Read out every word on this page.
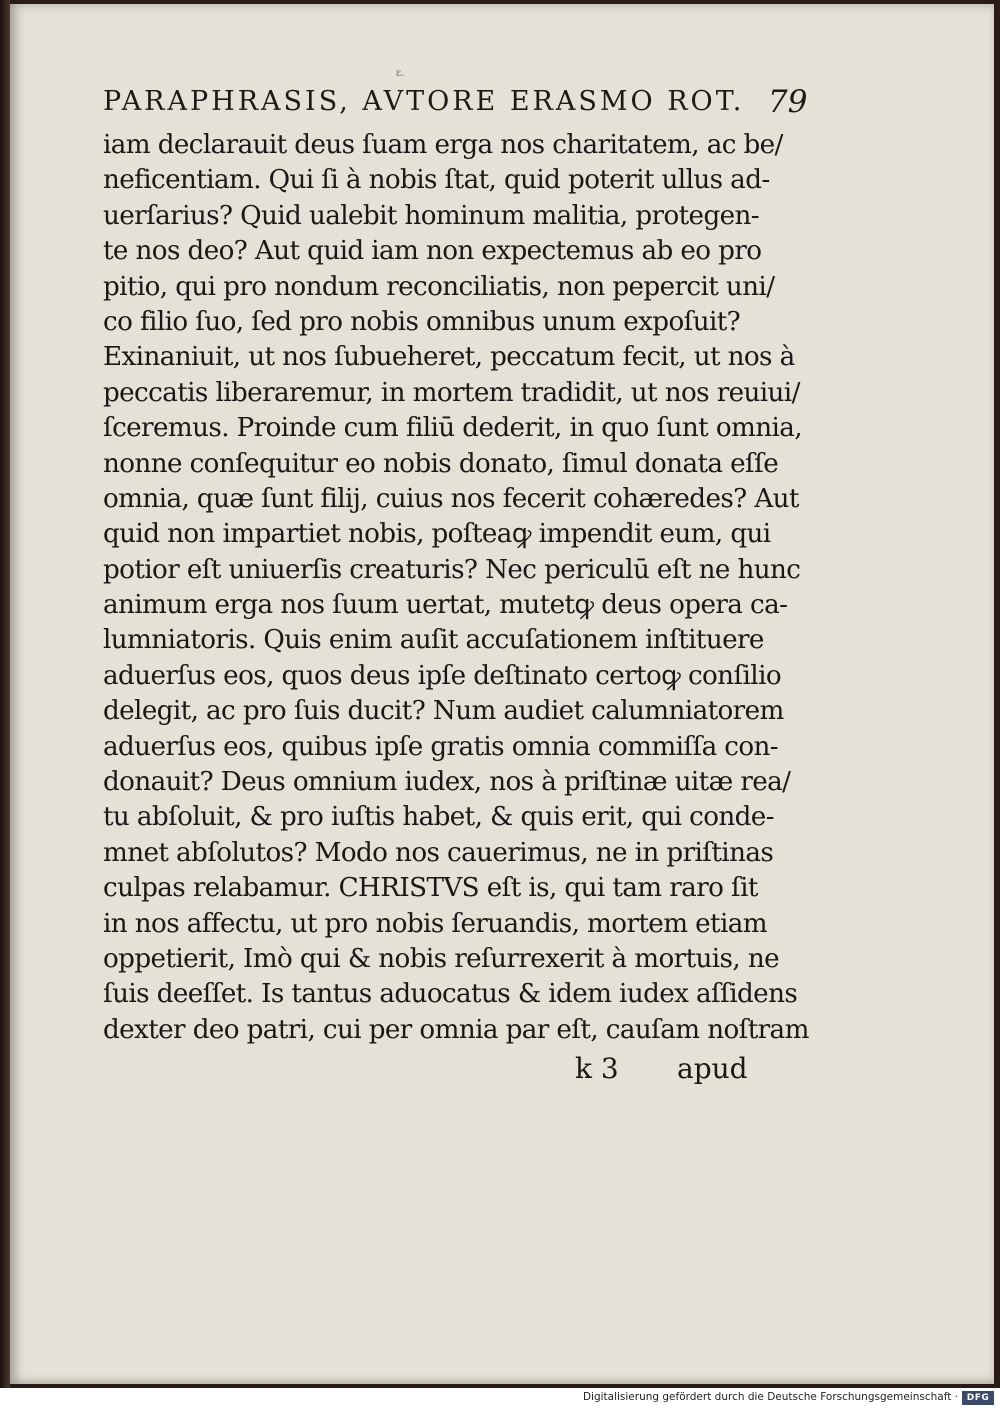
ε.
PARAPHRASIS, AVTORE ERASMO ROT. 79
iam declarauit deus ſuam erga nos charitatem, ac be/
neficentiam. Qui ſi à nobis ſtat, quid poterit ullus ad-
uerſarius? Quid ualebit hominum malitia, protegen-
te nos deo? Aut quid iam non expectemus ab eo pro
pitio, qui pro nondum reconciliatis, non pepercit uni/
co filio ſuo, ſed pro nobis omnibus unum expoſuit?
Exinaniuit, ut nos ſubueheret, peccatum fecit, ut nos à
peccatis liberaremur, in mortem tradidit, ut nos reuiui/
ſceremus. Proinde cum filiū dederit, in quo ſunt omnia,
nonne conſequitur eo nobis donato, ſimul donata eſſe
omnia, quæ ſunt filij, cuius nos fecerit cohæredes? Aut
quid non impartiet nobis, poſteaꝙ impendit eum, qui
potior eſt uniuerſis creaturis? Nec periculū eſt ne hunc
animum erga nos ſuum uertat, mutetꝙ deus opera ca-
lumniatoris. Quis enim auſit accuſationem inſtituere
aduerſus eos, quos deus ipſe deſtinato certoꝙ conſilio
delegit, ac pro ſuis ducit? Num audiet calumniatorem
aduerſus eos, quibus ipſe gratis omnia commiſſa con-
donauit? Deus omnium iudex, nos à priſtinæ uitæ rea/
tu abſoluit, & pro iuſtis habet, & quis erit, qui conde-
mnet abſolutos? Modo nos cauerimus, ne in priſtinas
culpas relabamur. CHRISTVS eſt is, qui tam raro ſit
in nos affectu, ut pro nobis ſeruandis, mortem etiam
oppetierit, Imò qui & nobis reſurrexerit à mortuis, ne
ſuis deeſſet. Is tantus aduocatus & idem iudex aſſidens
dexter deo patri, cui per omnia par eſt, cauſam noſtram
k 3 apud
Digitalisierung gefördert durch die Deutsche Forschungsgemeinschaft · DFG
